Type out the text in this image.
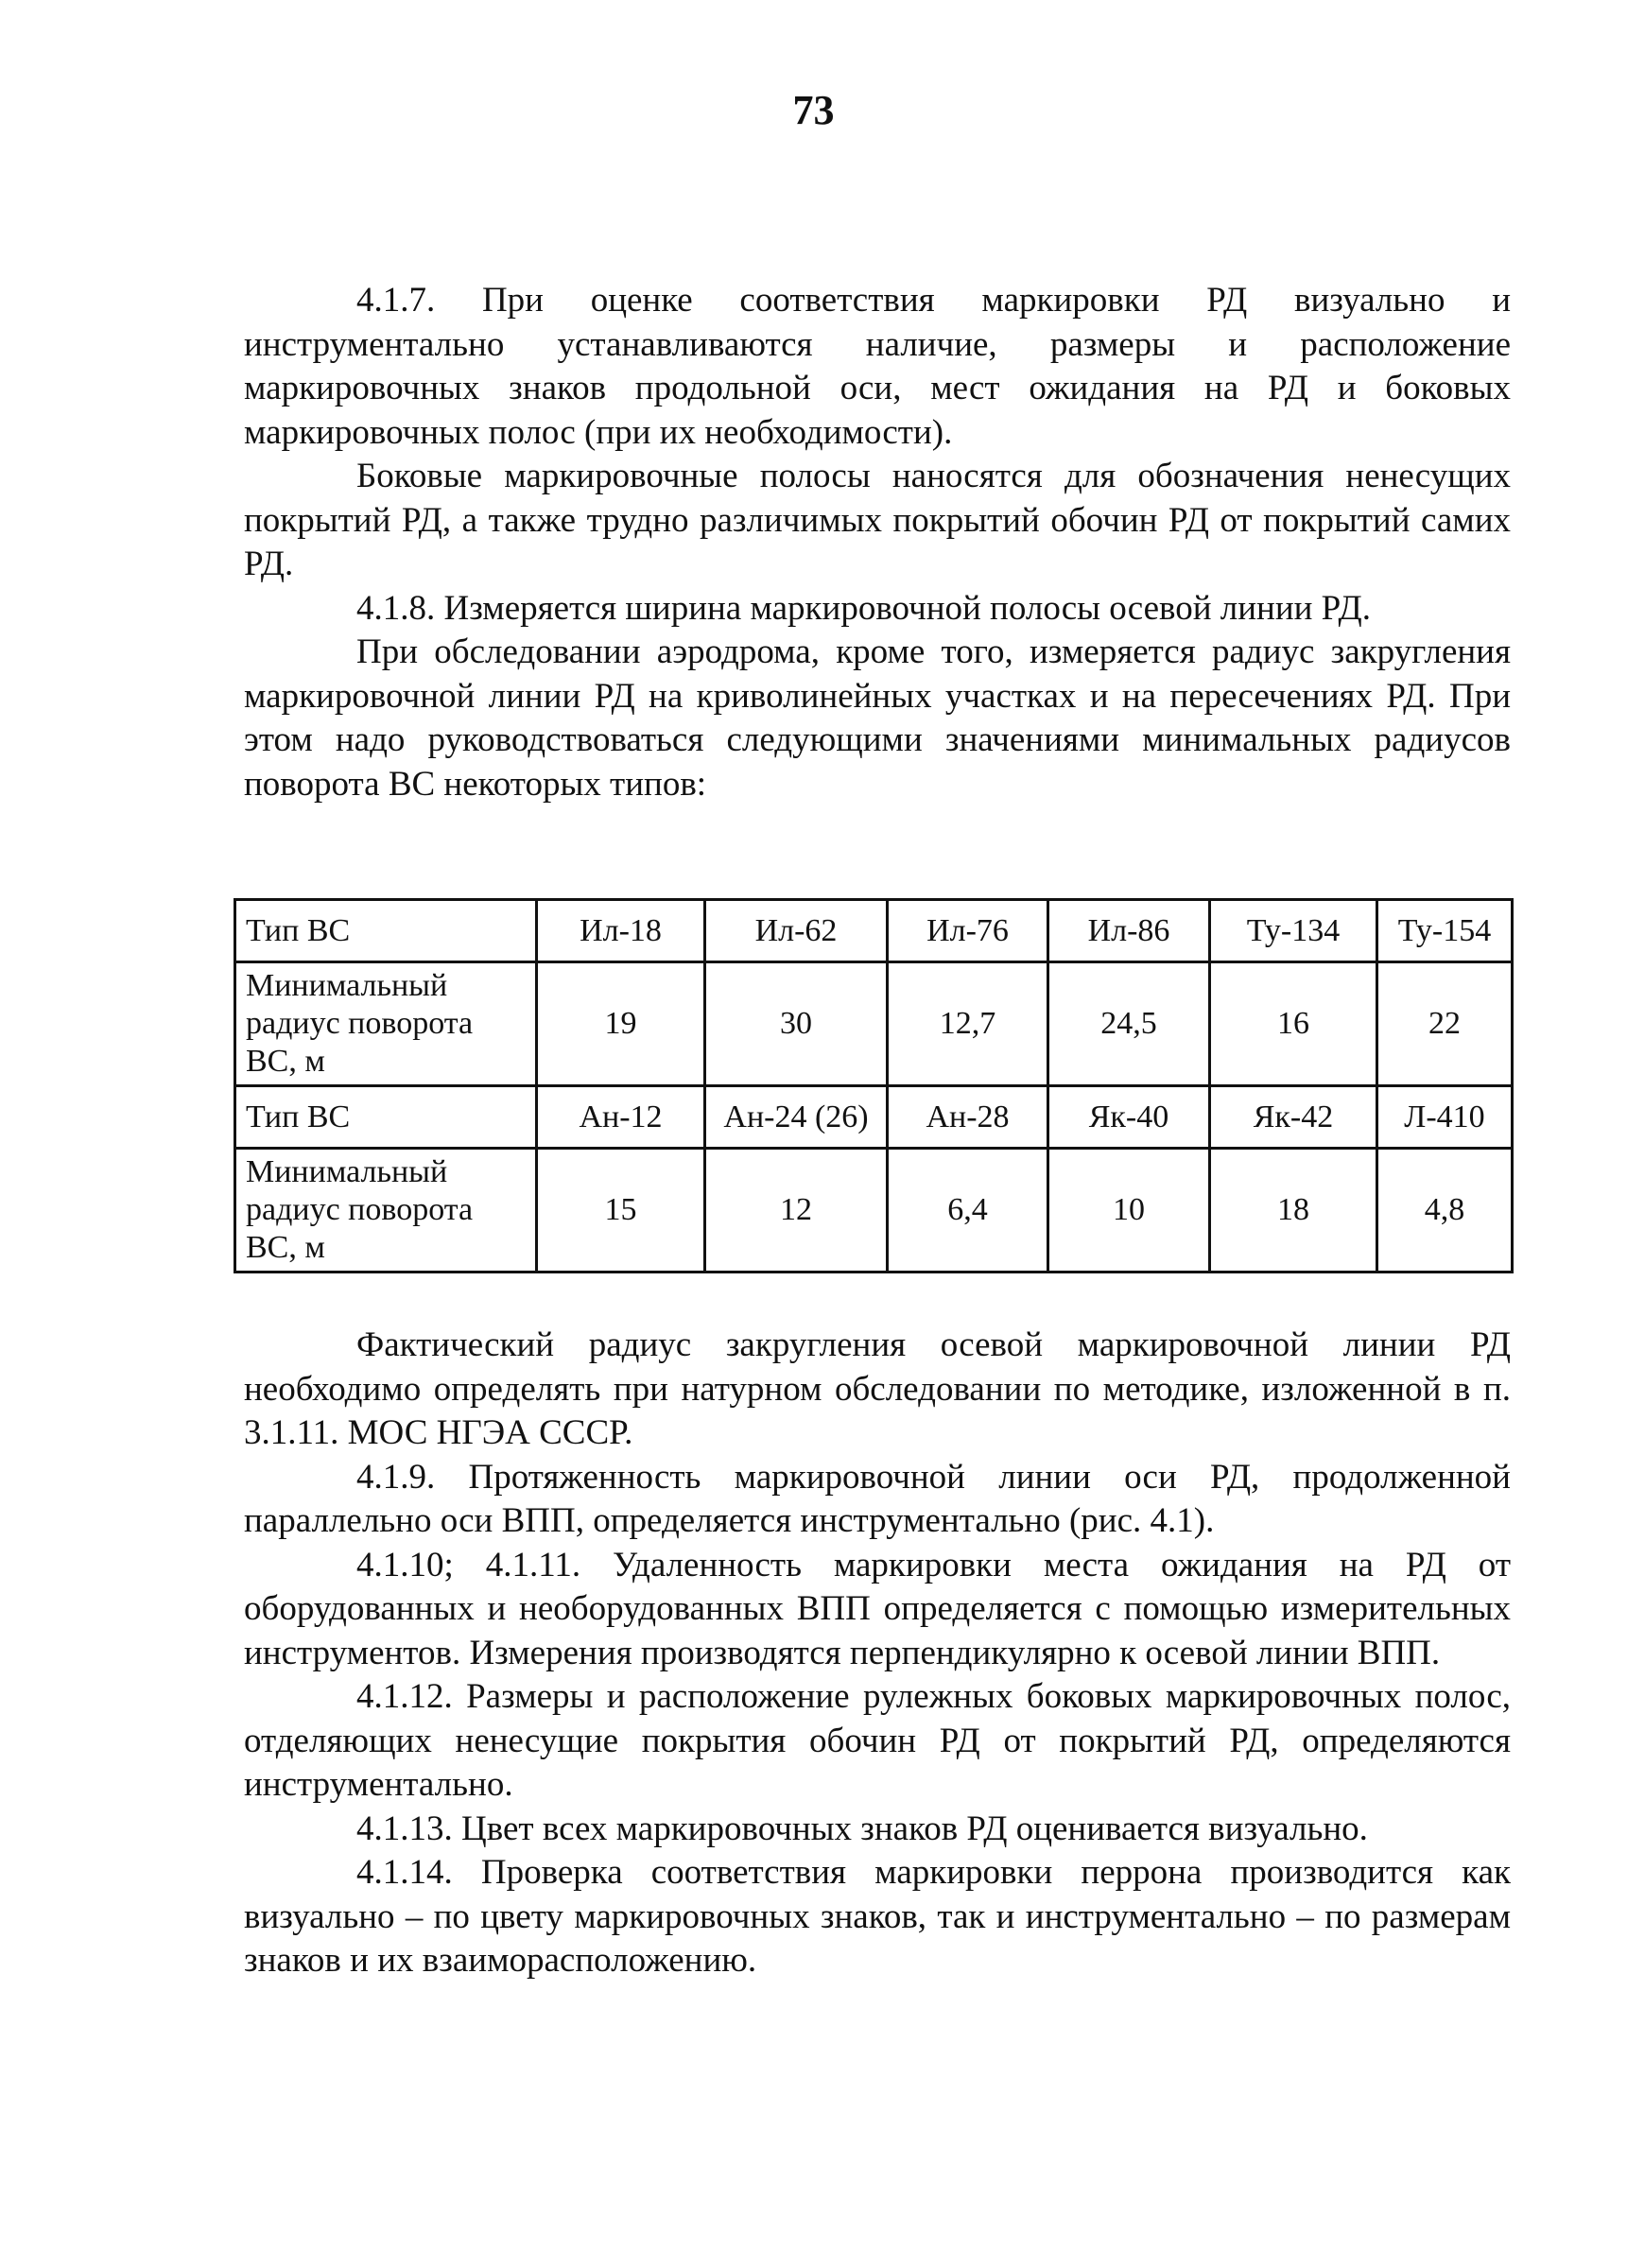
73

4.1.7. При оценке соответствия маркировки РД визуально и инструментально устанавливаются наличие, размеры и расположение маркировочных знаков продольной оси, мест ожидания на РД и боковых маркировочных полос (при их необходимости).

Боковые маркировочные полосы наносятся для обозначения ненесущих покрытий РД, а также трудно различимых покрытий обочин РД от покрытий самих РД.

4.1.8. Измеряется ширина маркировочной полосы осевой линии РД.

При обследовании аэродрома, кроме того, измеряется радиус закругления маркировочной линии РД на криволинейных участках и на пересечениях РД. При этом надо руководствоваться следующими значениями минимальных радиусов поворота ВС некоторых типов:

Тип ВС	Ил-18	Ил-62	Ил-76	Ил-86	Ту-134	Ту-154
Минимальный радиус поворота ВС, м	19	30	12,7	24,5	16	22
Тип ВС	Ан-12	Ан-24 (26)	Ан-28	Як-40	Як-42	Л-410
Минимальный радиус поворота ВС, м	15	12	6,4	10	18	4,8

Фактический радиус закругления осевой маркировочной линии РД необходимо определять при натурном обследовании по методике, изложенной в п. 3.1.11. МОС НГЭА СССР.

4.1.9. Протяженность маркировочной линии оси РД, продолженной параллельно оси ВПП, определяется инструментально (рис. 4.1).

4.1.10; 4.1.11. Удаленность маркировки места ожидания на РД от оборудованных и необорудованных ВПП определяется с помощью измерительных инструментов. Измерения производятся перпендикулярно к осевой линии ВПП.

4.1.12. Размеры и расположение рулежных боковых маркировочных полос, отделяющих ненесущие покрытия обочин РД от покрытий РД, определяются инструментально.

4.1.13. Цвет всех маркировочных знаков РД оценивается визуально.

4.1.14. Проверка соответствия маркировки перрона производится как визуально – по цвету маркировочных знаков, так и инструментально – по размерам знаков и их взаиморасположению.
